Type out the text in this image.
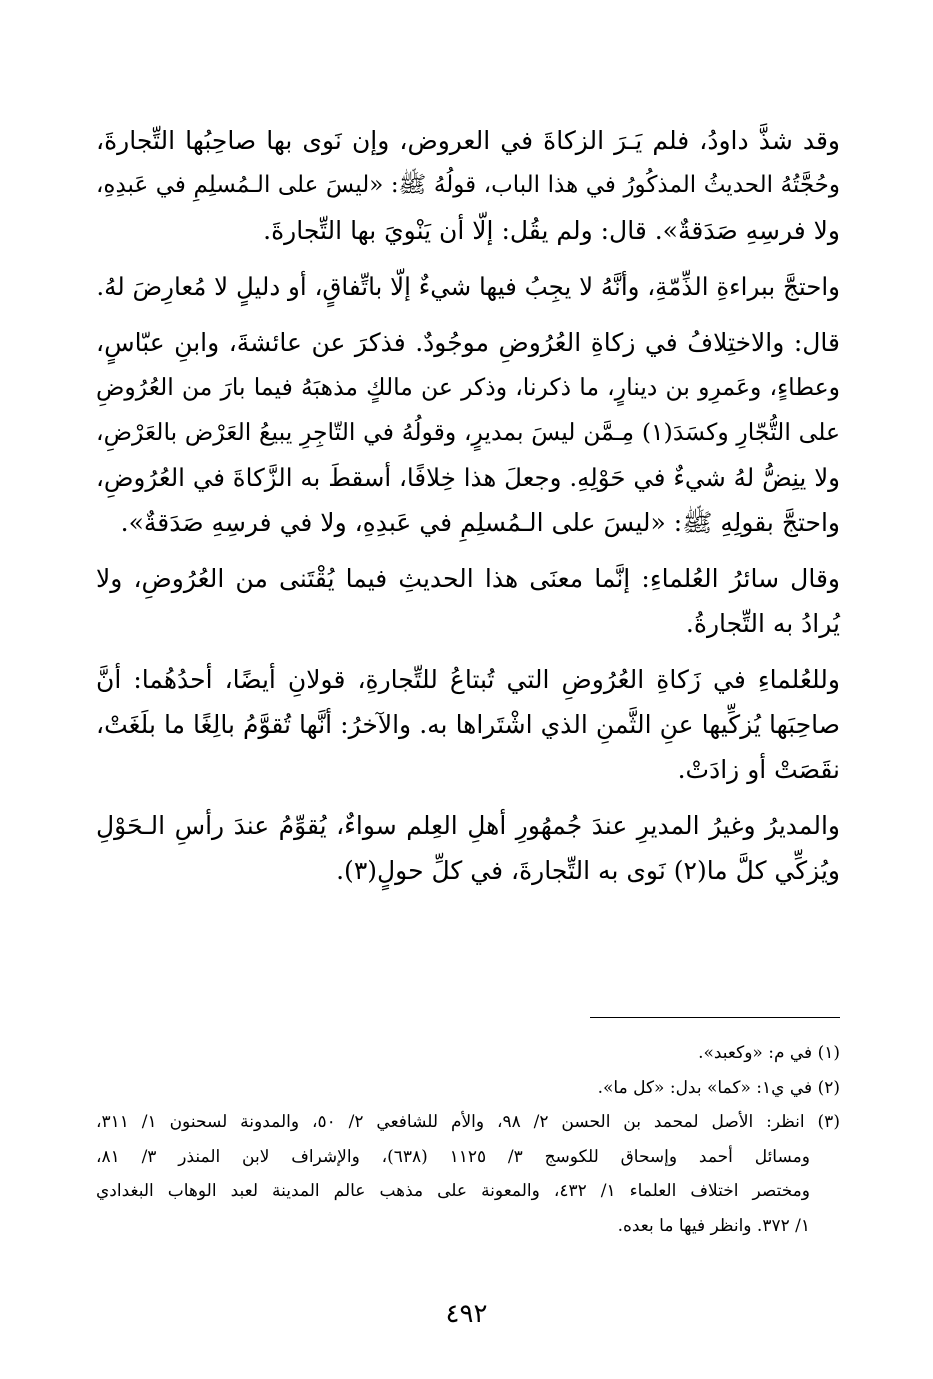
وقد شذَّ داودُ، فلم يَـرَ الزكاةَ في العروض، وإن نَوى بها صاحِبُها التِّجارةَ،
وحُجَّتُهُ الحديثُ المذكُورُ في هذا الباب، قولُهُ ﷺ: «ليسَ على الـمُسلِمِ في عَبدِهِ،
ولا فرسِهِ صَدَقةٌ». قال: ولم يقُل: إلّا أن يَنْويَ بها التِّجارةَ.
واحتجَّ ببراءةِ الذِّمّةِ، وأنَّهُ لا يجِبُ فيها شيءٌ إلّا باتِّفاقٍ، أو دليلٍ لا مُعارِضَ لهُ.
قال: والاختِلافُ في زكاةِ العُرُوضِ موجُودٌ. فذكرَ عن عائشةَ، وابنِ عبّاسٍ،
وعطاءٍ، وعَمرِو بن دينارٍ، ما ذكرنا، وذكر عن مالكٍ مذهبَهُ فيما بارَ من العُرُوضِ
على التُّجّارِ وكسَدَ(١) مِـمَّن ليسَ بمديرٍ، وقولُهُ في التّاجِرِ يبيعُ العَرْض بالعَرْضِ،
ولا ينِضُّ لهُ شيءٌ في حَوْلِهِ. وجعلَ هذا خِلافًا، أسقطَ به الزَّكاةَ في العُرُوضِ،
واحتجَّ بقولِهِ ﷺ: «ليسَ على الـمُسلِمِ في عَبدِهِ، ولا في فرسِهِ صَدَقةٌ».
وقال سائرُ العُلماءِ: إنَّما معنَى هذا الحديثِ فيما يُقْتَنى من العُرُوضِ، ولا
يُرادُ به التِّجارةُ.
وللعُلماءِ في زَكاةِ العُرُوضِ التي تُبتاعُ للتِّجارةِ، قولانِ أيضًا، أحدُهُما: أنَّ
صاحِبَها يُزكِّيها عنِ الثَّمنِ الذي اشْتَراها به. والآخرُ: أنَّها تُقوَّمُ بالِغًا ما بلَغَتْ،
نقَصَتْ أو زادَتْ.
والمديرُ وغيرُ المديرِ عندَ جُمهُورِ أهلِ العِلم سواءٌ، يُقوِّمُ عندَ رأسِ الـحَوْلِ
ويُزكِّي كلَّ ما(٢) نَوى به التِّجارةَ، في كلِّ حولٍ(٣).
(١) في م: «وكعبد».
(٢) في ي١: «كما» بدل: «كل ما».
(٣) انظر: الأصل لمحمد بن الحسن ٢/ ٩٨، والأم للشافعي ٢/ ٥٠، والمدونة لسحنون ١/ ٣١١،
ومسائل أحمد وإسحاق للكوسج ٣/ ١١٢٥ (٦٣٨)، والإشراف لابن المنذر ٣/ ٨١،
ومختصر اختلاف العلماء ١/ ٤٣٢، والمعونة على مذهب عالم المدينة لعبد الوهاب البغدادي
١/ ٣٧٢. وانظر فيها ما بعده.
٤٩٢
